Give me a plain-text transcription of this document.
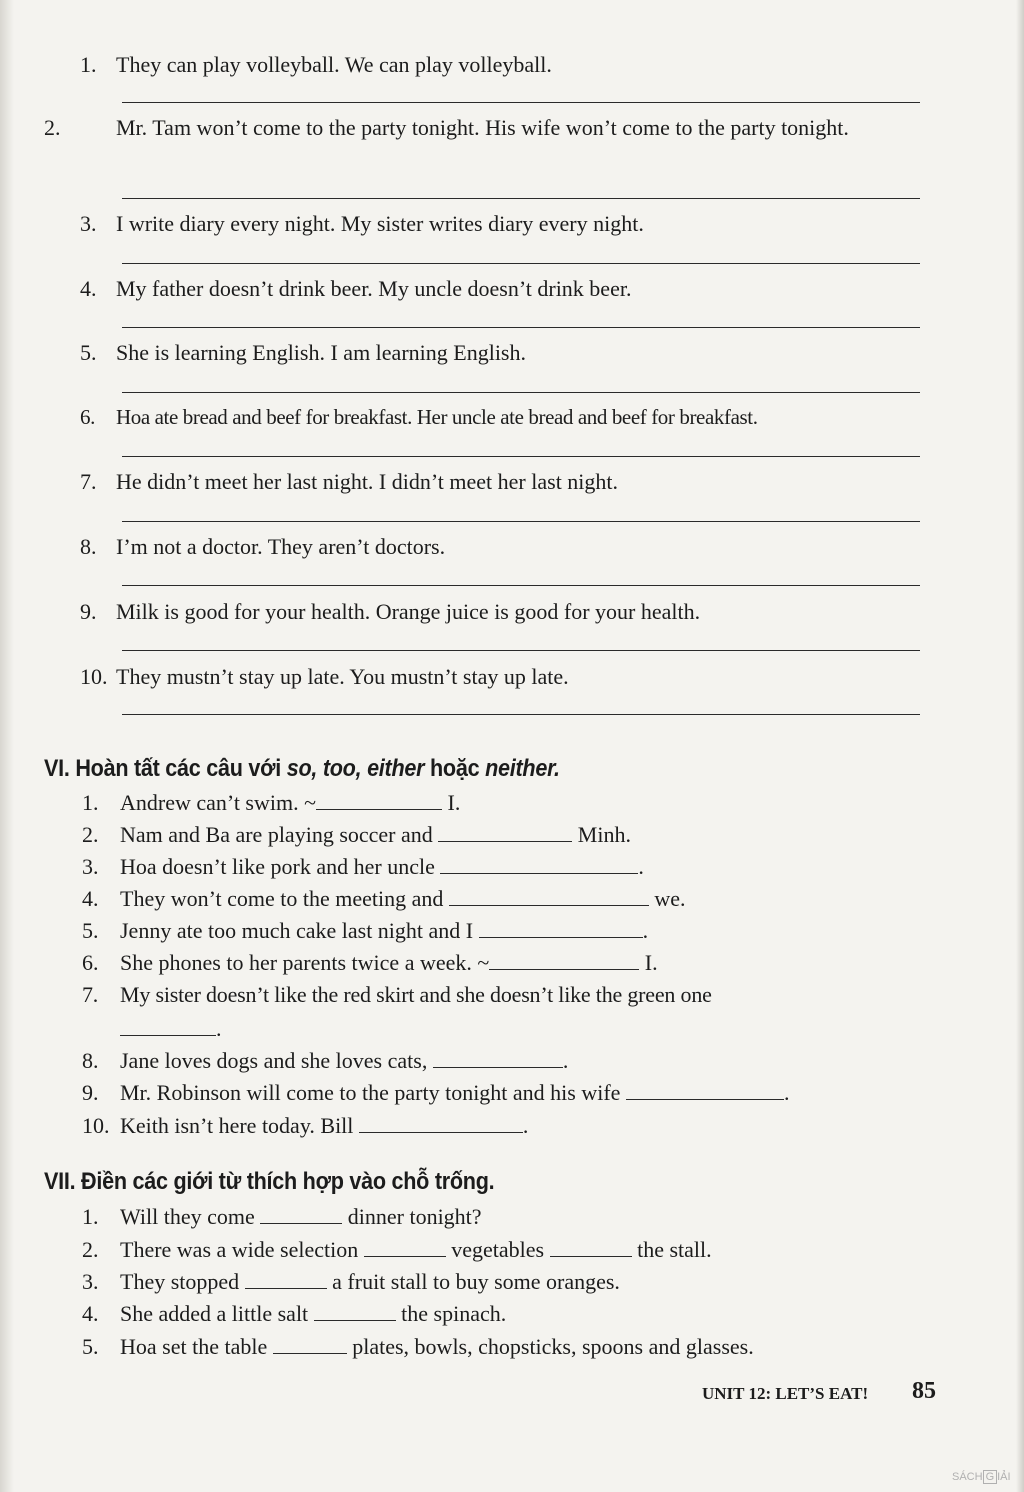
1. They can play volleyball. We can play volleyball.
2.	Mr. Tam won’t come to the party tonight. His wife won’t come to the party tonight.
3. I write diary every night. My sister writes diary every night.
4. My father doesn’t drink beer. My uncle doesn’t drink beer.
5. She is learning English. I am learning English.
6. Hoa ate bread and beef for breakfast. Her uncle ate bread and beef for breakfast.
7. He didn’t meet her last night. I didn’t meet her last night.
8. I’m not a doctor. They aren’t doctors.
9. Milk is good for your health. Orange juice is good for your health.
10. They mustn’t stay up late. You mustn’t stay up late.
VI. Hoàn tất các câu với so, too, either hoặc neither.
1. Andrew can’t swim. ~	I.
2. Nam and Ba are playing soccer and	Minh.
3. Hoa doesn’t like pork and her uncle	.
4. They won’t come to the meeting and	we.
5. Jenny ate too much cake last night and I	.
6. She phones to her parents twice a week. ~	I.
7. My sister doesn’t like the red skirt and she doesn’t like the green one
.
8. Jane loves dogs and she loves cats,	.
9. Mr. Robinson will come to the party tonight and his wife	.
10. Keith isn’t here today. Bill	.
VII. Điền các giới từ thích hợp vào chỗ trống.
1. Will they come	dinner tonight?
2. There was a wide selection	vegetables	the stall.
3. They stopped	a fruit stall to buy some oranges.
4. She added a little salt	the spinach.
5. Hoa set the table	plates, bowls, chopsticks, spoons and glasses.
UNIT 12: LET’S EAT! 85
SÁCH G IẢI
